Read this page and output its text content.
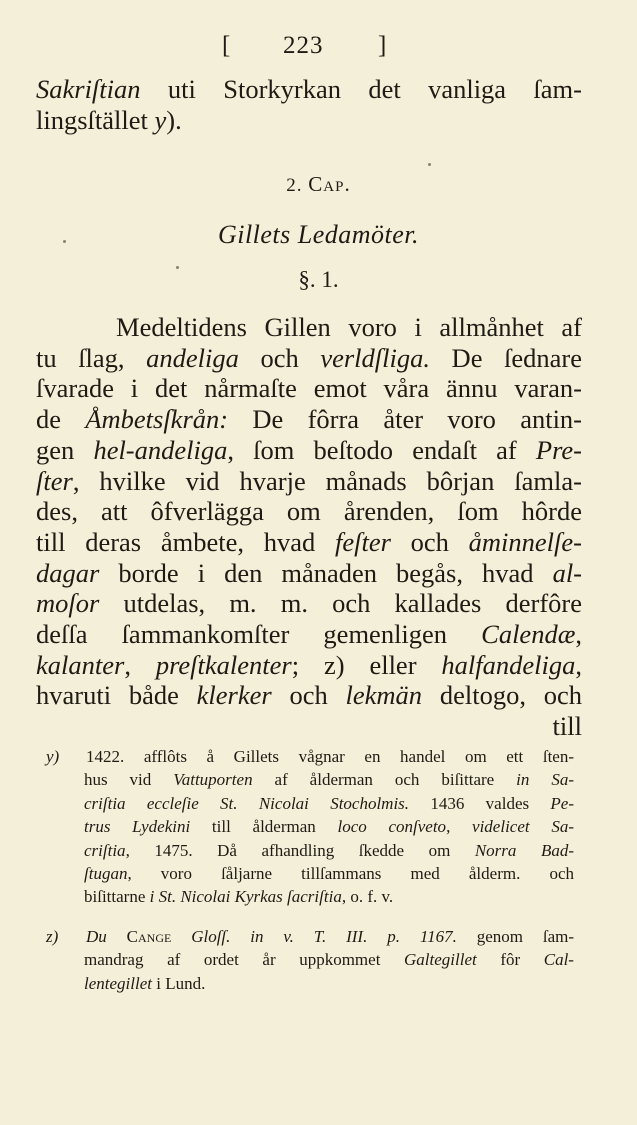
[ 223 ]
Sakriſtian uti Storkyrkan det vanliga ſam-
lingsſtället y).
2. Cap.
Gillets Ledamöter.
§. 1.
Medeltidens Gillen voro i allmånhet af
tu ſlag, andeliga och verldſliga. De ſednare
ſvarade i det nårmaſte emot våra ännu varan-
de Åmbetsſkrån: De fôrra åter voro antin-
gen hel-andeliga, ſom beſtodo endaſt af Pre-
ſter, hvilke vid hvarje månads bôrjan ſamla-
des, att ôfverlägga om årenden, ſom hôrde
till deras åmbete, hvad feſter och åminnelſe-
dagar borde i den månaden begås, hvad al-
moſor utdelas, m. m. och kallades derfôre
deſſa ſammankomſter gemenligen Calendæ,
kalanter, preſtkalenter; z) eller halfandeliga,
hvaruti både klerker och lekmän deltogo, och
till
y)	1422. afflôts å Gillets vågnar en handel om ett ſten-
hus vid Vattuporten af ålderman och biſittare in Sa-
criſtia eccleſie St. Nicolai Stocholmis. 1436 valdes Pe-
trus Lydekini till ålderman loco conſveto, videlicet Sa-
criſtia, 1475. Då afhandling ſkedde om Norra Bad-
ſtugan, voro ſåljarne tillſammans med ålderm. och
biſittarne i St. Nicolai Kyrkas ſacriſtia, o. f. v.
z)	Du Cange Gloſſ. in v. T. III. p. 1167. genom ſam-
mandrag af ordet år uppkommet Galtegillet fôr Cal-
lentegillet i Lund.
